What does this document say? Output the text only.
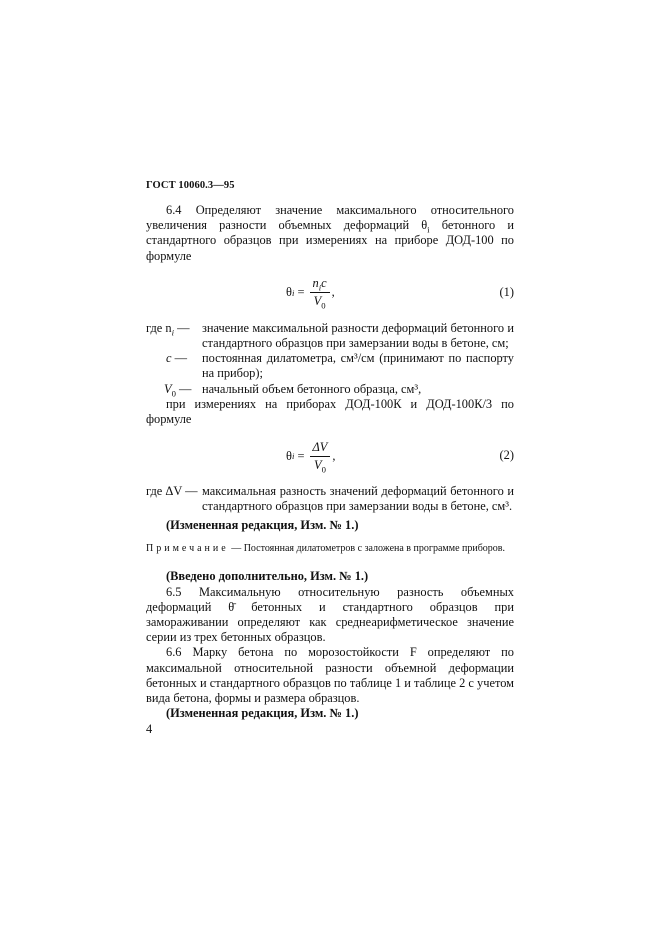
ГОСТ 10060.3—95

6.4 Определяют значение максимального относительного увеличения разности объемных деформаций $\theta_i$ бетонного и стандартного образцов при измерениях на приборе ДОД-100 по формуле

θ $i = \frac{n_ic}{V_0}$ ,	(1)
где $n_i$ —	значение максимальной разности деформаций бетонного и стандартного образцов при замерзании воды в бетоне, см;
c —	постоянная дилатометра, см³/см (принимают по паспорту на прибор);
$V_0$ — начальный объем бетонного образца, см³,

при измерениях на приборах ДОД-100К и ДОД-100К/3 по формуле

θ $i = \frac{\Delta V}{V_0}$ ,	(2)
где ΔV — максимальная разность значений деформаций бетонного и стандартного образцов при замерзании воды в бетоне, см³.

(Измененная редакция, Изм. № 1.)

Примечание — Постоянная дилатометров c заложена в программе приборов.

(Введено дополнительно, Изм. № 1.)

6.5 Максимальную относительную разность объемных деформаций θ̄ бетонных и стандартного образцов при замораживании определяют как среднеарифметическое значение серии из трех бетонных образцов.

6.6 Марку бетона по морозостойкости F определяют по максимальной относительной разности объемной деформации бетонных и стандартного образцов по таблице 1 и таблице 2 с учетом вида бетона, формы и размера образцов.

(Измененная редакция, Изм. № 1.)

4
